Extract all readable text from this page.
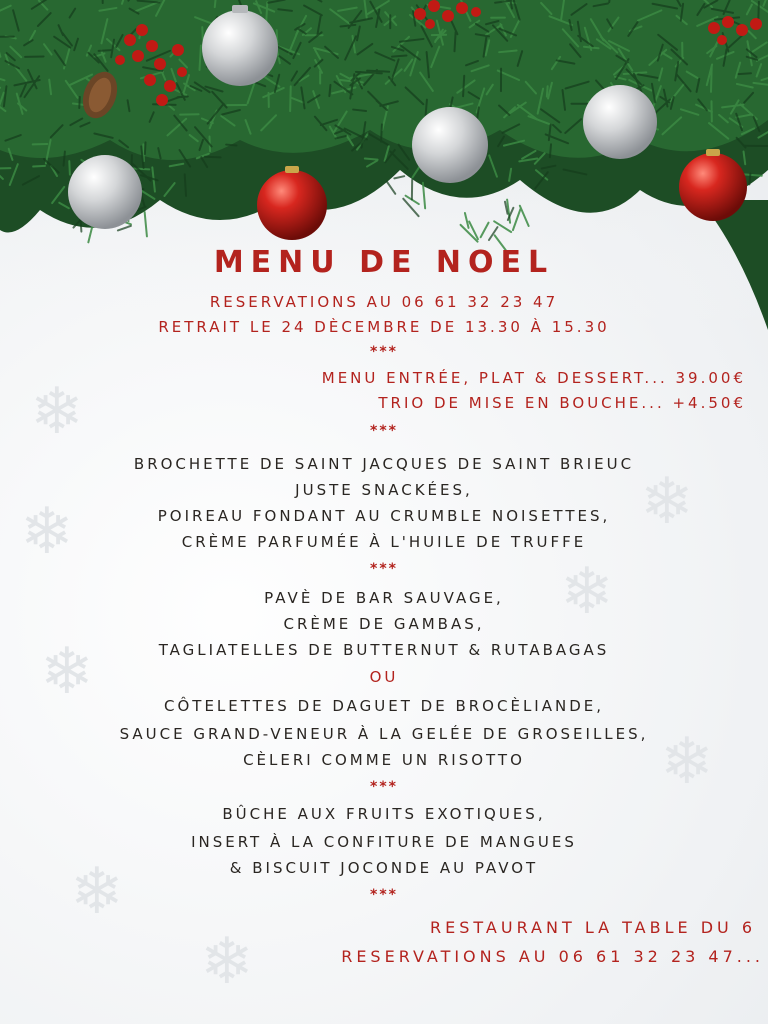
❄
❄
❄
❄
❄
❄
❄
❄
MENU DE NOEL
RESERVATIONS AU 06 61 32 23 47
RETRAIT LE 24 DÈCEMBRE DE 13.30 À 15.30
***
MENU ENTRÉE, PLAT & DESSERT... 39.00€
TRIO DE MISE EN BOUCHE... +4.50€
***
BROCHETTE DE SAINT JACQUES DE SAINT BRIEUC
JUSTE SNACKÉES,
POIREAU FONDANT AU CRUMBLE NOISETTES,
CRÈME PARFUMÉE À L'HUILE DE TRUFFE
***
PAVÈ DE BAR SAUVAGE,
CRÈME DE GAMBAS,
TAGLIATELLES DE BUTTERNUT & RUTABAGAS
OU
CÔTELETTES DE DAGUET DE BROCÈLIANDE,
SAUCE GRAND-VENEUR À LA GELÉE DE GROSEILLES,
CÈLERI COMME UN RISOTTO
***
BÛCHE AUX FRUITS EXOTIQUES,
INSERT À LA CONFITURE DE MANGUES
& BISCUIT JOCONDE AU PAVOT
***
RESTAURANT LA TABLE DU 6
RESERVATIONS AU 06 61 32 23 47...
